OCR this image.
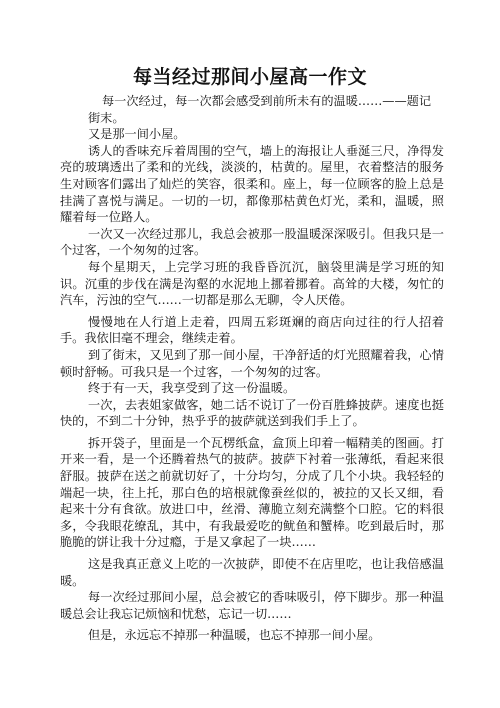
每当经过那间小屋高一作文

每一次经过，每一次都会感受到前所未有的温暖……——题记

街末。

又是那一间小屋。

诱人的香味充斥着周围的空气，墙上的海报让人垂涎三尺，净得发亮的玻璃透出了柔和的光线，淡淡的，枯黄的。屋里，衣着整洁的服务生对顾客们露出了灿烂的笑容，很柔和。座上，每一位顾客的脸上总是挂满了喜悦与满足。一切的一切，都像那枯黄色灯光，柔和，温暖，照耀着每一位路人。

一次又一次经过那儿，我总会被那一股温暖深深吸引。但我只是一个过客，一个匆匆的过客。

每个星期天，上完学习班的我昏昏沉沉，脑袋里满是学习班的知识。沉重的步伐在满是沟壑的水泥地上挪着挪着。高耸的大楼，匆忙的汽车，污浊的空气……一切都是那么无聊，令人厌倦。

慢慢地在人行道上走着，四周五彩斑斓的商店向过往的行人招着手。我依旧毫不理会，继续走着。

到了街末，又见到了那一间小屋，干净舒适的灯光照耀着我，心情顿时舒畅。可我只是一个过客，一个匆匆的过客。

终于有一天，我享受到了这一份温暖。

一次，去表姐家做客，她二话不说订了一份百胜蜂披萨。速度也挺快的，不到二十分钟，热乎乎的披萨就送到我们手上了。

拆开袋子，里面是一个瓦楞纸盒，盒顶上印着一幅精美的图画。打开来一看，是一个还腾着热气的披萨。披萨下衬着一张薄纸，看起来很舒服。披萨在送之前就切好了，十分均匀，分成了几个小块。我轻轻的端起一块，往上托，那白色的培根就像蚕丝似的，被拉的又长又细，看起来十分有食欲。放进口中，丝滑、薄脆立刻充满整个口腔。它的料很多，令我眼花缭乱，其中，有我最爱吃的鱿鱼和蟹棒。吃到最后时，那脆脆的饼让我十分过瘾，于是又拿起了一块……

这是我真正意义上吃的一次披萨，即使不在店里吃，也让我倍感温暖。

每一次经过那间小屋，总会被它的香味吸引，停下脚步。那一种温暖总会让我忘记烦恼和忧愁，忘记一切……

但是，永远忘不掉那一种温暖，也忘不掉那一间小屋。
